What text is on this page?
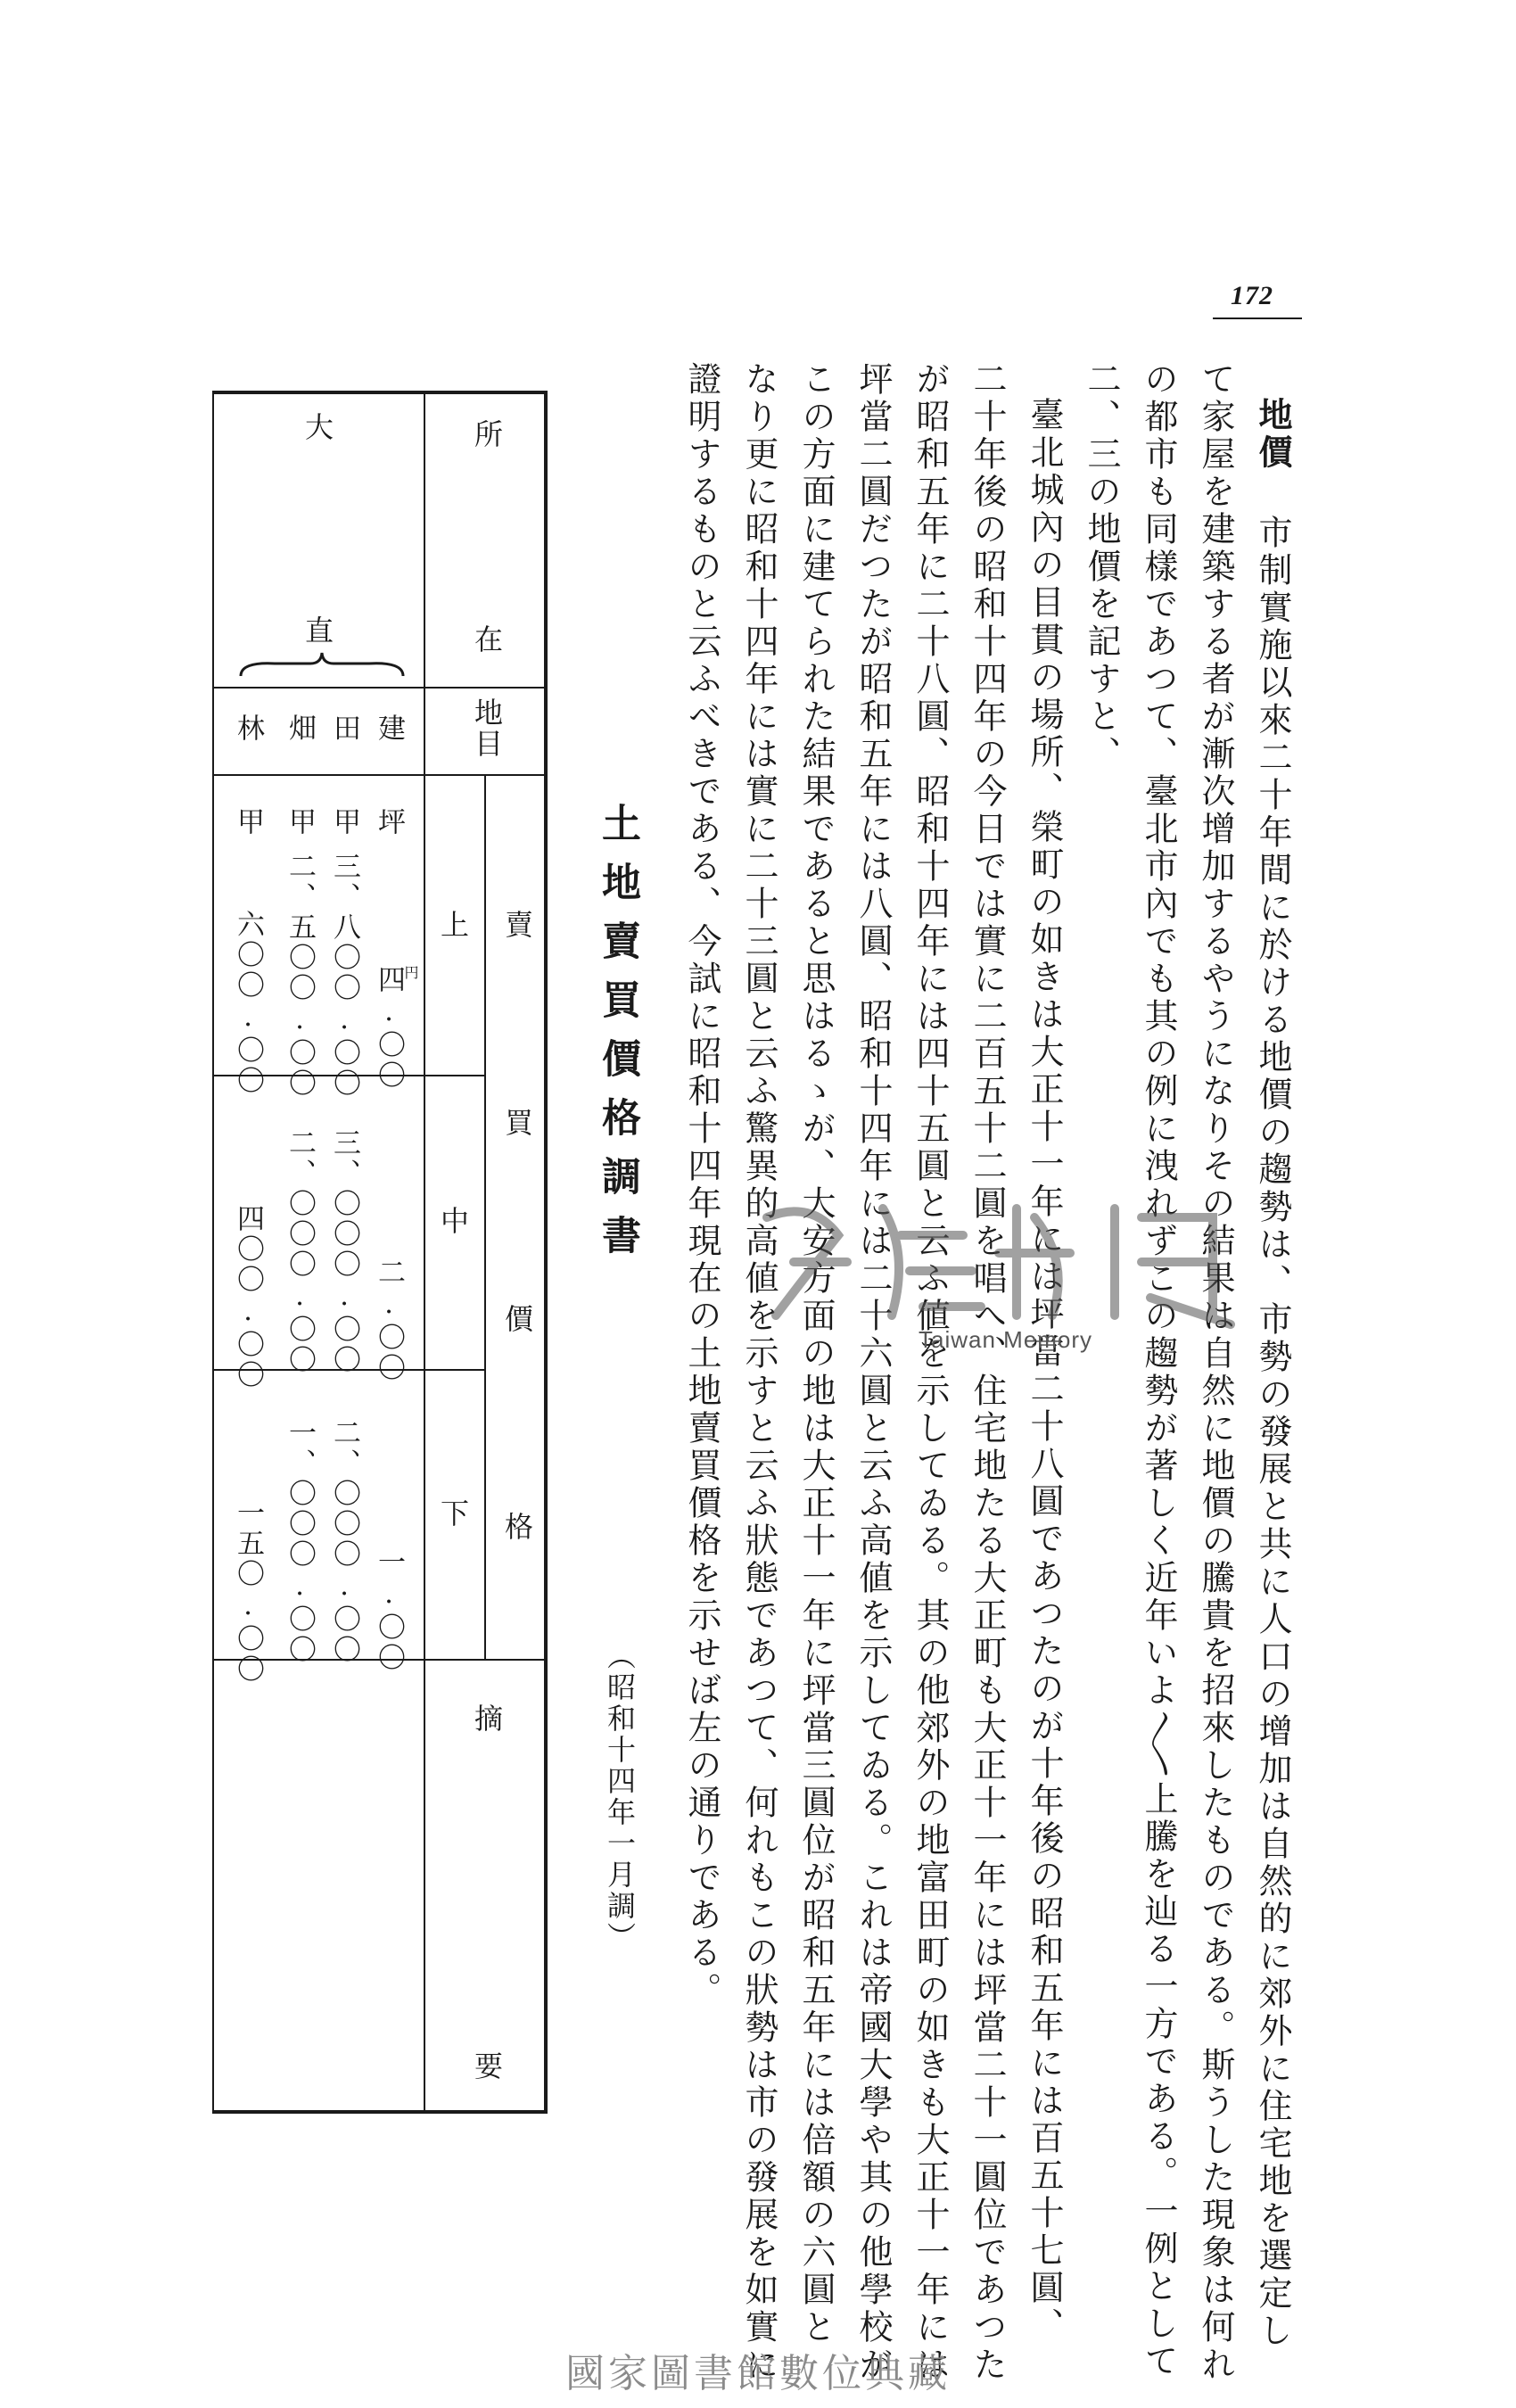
172
地價 市制實施以來二十年間に於ける地價の趨勢は、市勢の發展と共に人口の增加は自然的に郊外に住宅地を選定し
て家屋を建築する者が漸次增加するやうになりその結果は自然に地價の騰貴を招來したものである。斯うした現象は何れ
の都市も同樣であつて、臺北市內でも其の例に洩れずこの趨勢が著しく近年いよ〳〵上騰を辿る一方である。一例として
二、三の地價を記すと、
臺北城內の目貫の場所、榮町の如きは大正十一年には坪當二十八圓であつたのが十年後の昭和五年には百五十七圓、
二十年後の昭和十四年の今日では實に二百五十二圓を唱へ、住宅地たる大正町も大正十一年には坪當二十一圓位であつた
が昭和五年に二十八圓、昭和十四年には四十五圓と云ふ値を示してゐる。其の他郊外の地富田町の如きも大正十一年には
坪當二圓だつたが昭和五年には八圓、昭和十四年には二十六圓と云ふ高値を示してゐる。これは帝國大學や其の他學校が
この方面に建てられた結果であると思はるゝが、大安方面の地は大正十一年に坪當三圓位が昭和五年には倍額の六圓と
なり更に昭和十四年には實に二十三圓と云ふ驚異的高値を示すと云ふ狀態であつて、何れもこの狀勢は市の發展を如實に
證明するものと云ふべきである、今試に昭和十四年現在の土地賣買價格を示せば左の通りである。
土地賣買價格調書
（昭和十四年一月調）
所
在
地目
上
中
下
賣
買
價
格
摘
要
大
直
建
坪
円
四.〇〇
二.〇〇
一.〇〇
田
甲
三、八〇〇.〇〇
三、〇〇〇.〇〇
二、〇〇〇.〇〇
畑
甲
二、五〇〇.〇〇
二、〇〇〇.〇〇
一、〇〇〇.〇〇
林
甲
六〇〇.〇〇
四〇〇.〇〇
一五〇.〇〇
Taiwan Memory
國家圖書館數位典藏
